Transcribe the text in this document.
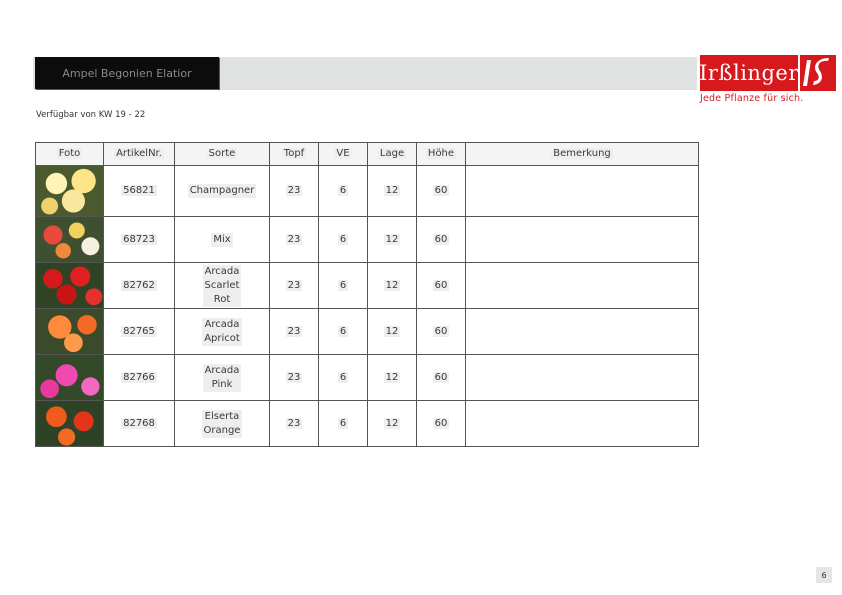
Ampel Begonien Elatior	Irßlinger
Jede Pflanze für sich.
Verfügbar von KW 19 - 22
Foto	ArtikelNr.	Sorte	Topf	VE	Lage	Höhe	Bemerkung

	56821	Champagner	23	6	12	60	

	68723	Mix	23	6	12	60	

	82762	Arcada
Scarlet
Rot	23	6	12	60	

	82765	Arcada
Apricot	23	6	12	60	

	82766	Arcada
Pink	23	6	12	60	

	82768	Elserta
Orange	23	6	12	60	
6
